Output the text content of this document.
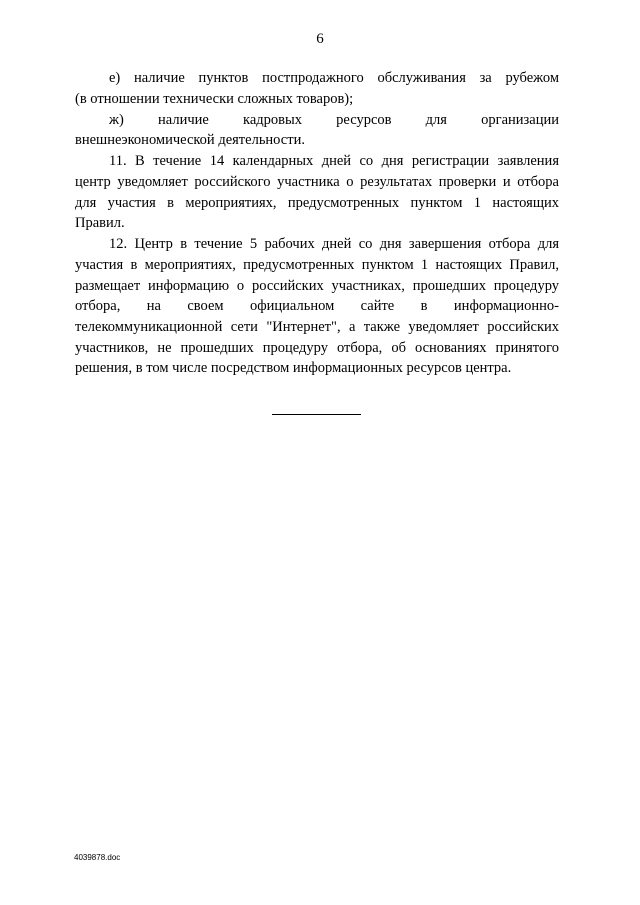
6
е) наличие пунктов постпродажного обслуживания за рубежом
(в отношении технически сложных товаров);
ж) наличие кадровых ресурсов для организации
внешнеэкономической деятельности.
11. В течение 14 календарных дней со дня регистрации заявления
центр уведомляет российского участника о результатах проверки и отбора
для участия в мероприятиях, предусмотренных пунктом 1 настоящих
Правил.
12. Центр в течение 5 рабочих дней со дня завершения отбора для
участия в мероприятиях, предусмотренных пунктом 1 настоящих Правил,
размещает информацию о российских участниках, прошедших процедуру
отбора, на своем официальном сайте в информационно-
телекоммуникационной сети "Интернет", а также уведомляет российских
участников, не прошедших процедуру отбора, об основаниях принятого
решения, в том числе посредством информационных ресурсов центра.
4039878.doc
